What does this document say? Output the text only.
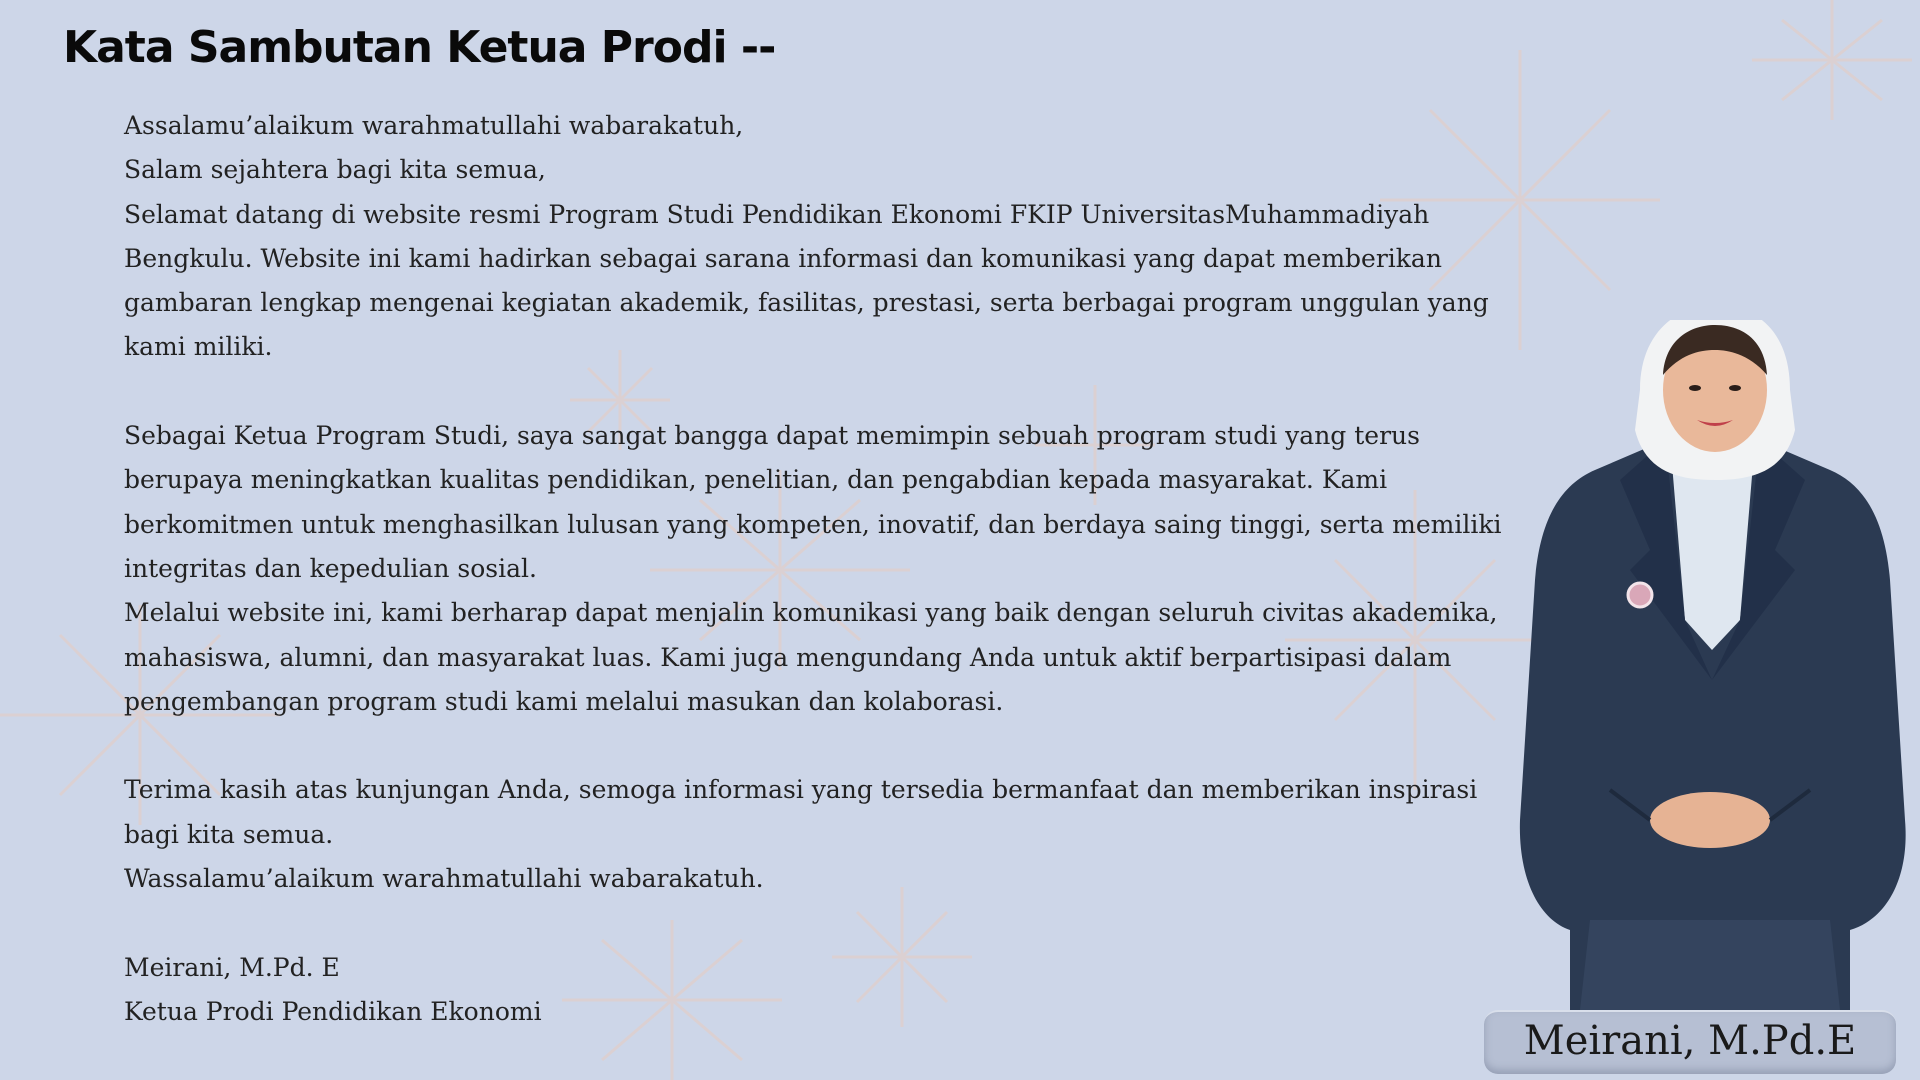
Kata Sambutan Ketua Prodi --

Assalamu’alaikum warahmatullahi wabarakatuh,

Salam sejahtera bagi kita semua,

Selamat datang di website resmi Program Studi Pendidikan Ekonomi FKIP UniversitasMuhammadiyah

Bengkulu. Website ini kami hadirkan sebagai sarana informasi dan komunikasi yang dapat memberikan

gambaran lengkap mengenai kegiatan akademik, fasilitas, prestasi, serta berbagai program unggulan yang

kami miliki.

Sebagai Ketua Program Studi, saya sangat bangga dapat memimpin sebuah program studi yang terus

berupaya meningkatkan kualitas pendidikan, penelitian, dan pengabdian kepada masyarakat. Kami

berkomitmen untuk menghasilkan lulusan yang kompeten, inovatif, dan berdaya saing tinggi, serta memiliki

integritas dan kepedulian sosial.

Melalui website ini, kami berharap dapat menjalin komunikasi yang baik dengan seluruh civitas akademika,

mahasiswa, alumni, dan masyarakat luas. Kami juga mengundang Anda untuk aktif berpartisipasi dalam

pengembangan program studi kami melalui masukan dan kolaborasi.

Terima kasih atas kunjungan Anda, semoga informasi yang tersedia bermanfaat dan memberikan inspirasi

bagi kita semua.

Wassalamu’alaikum warahmatullahi wabarakatuh.

Meirani, M.Pd. E

Ketua Prodi Pendidikan Ekonomi

Meirani, M.Pd.E
